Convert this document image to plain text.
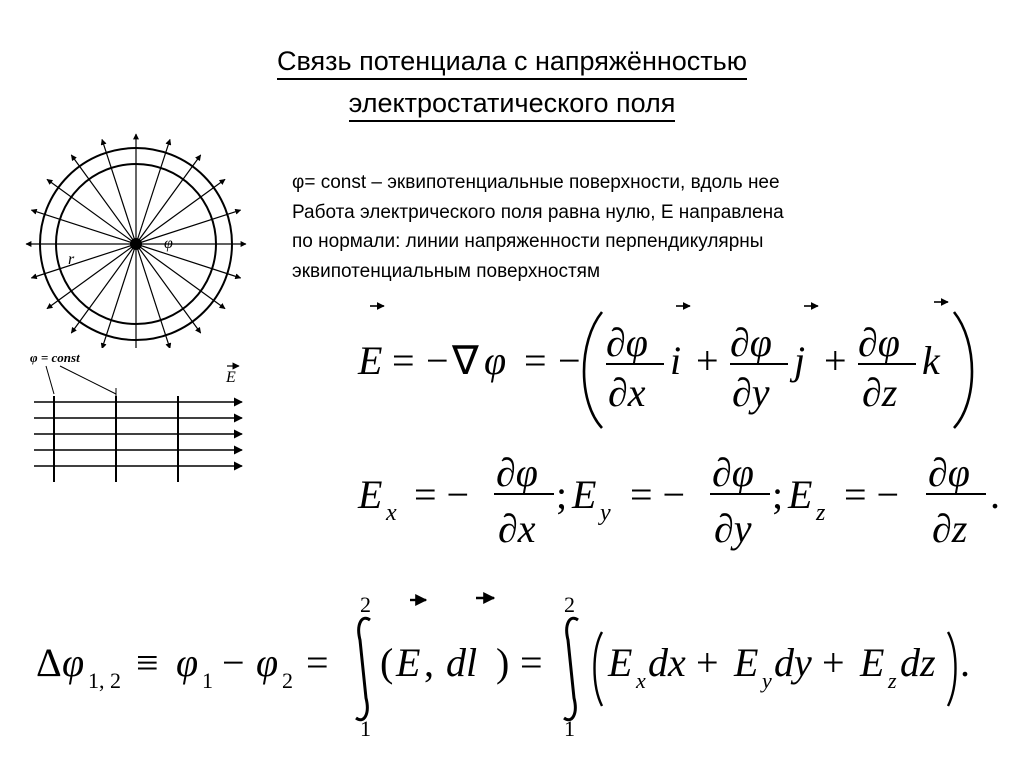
Связь потенциала с напряжённостью
электростатического поля
φ
r
φ = const
E
φ= const – эквипотенциальные поверхности, вдоль нее
Работа электрического поля равна нулю, E направлена
по нормали: линии напряженности перпендикулярны
эквипотенциальным поверхностям
E = − ∇ φ = − ∂φ
∂x
i + ∂φ
∂y
j + ∂φ
∂z
k
E x = − ∂φ
∂x
; E y = − ∂φ
∂y
; E z = − ∂φ
∂z
.
Δ φ 1, 2 ≡ φ 1 − φ 2 =
2
1
( E , dl ) =
2
1
E x dx + E y dy + E z dz .
